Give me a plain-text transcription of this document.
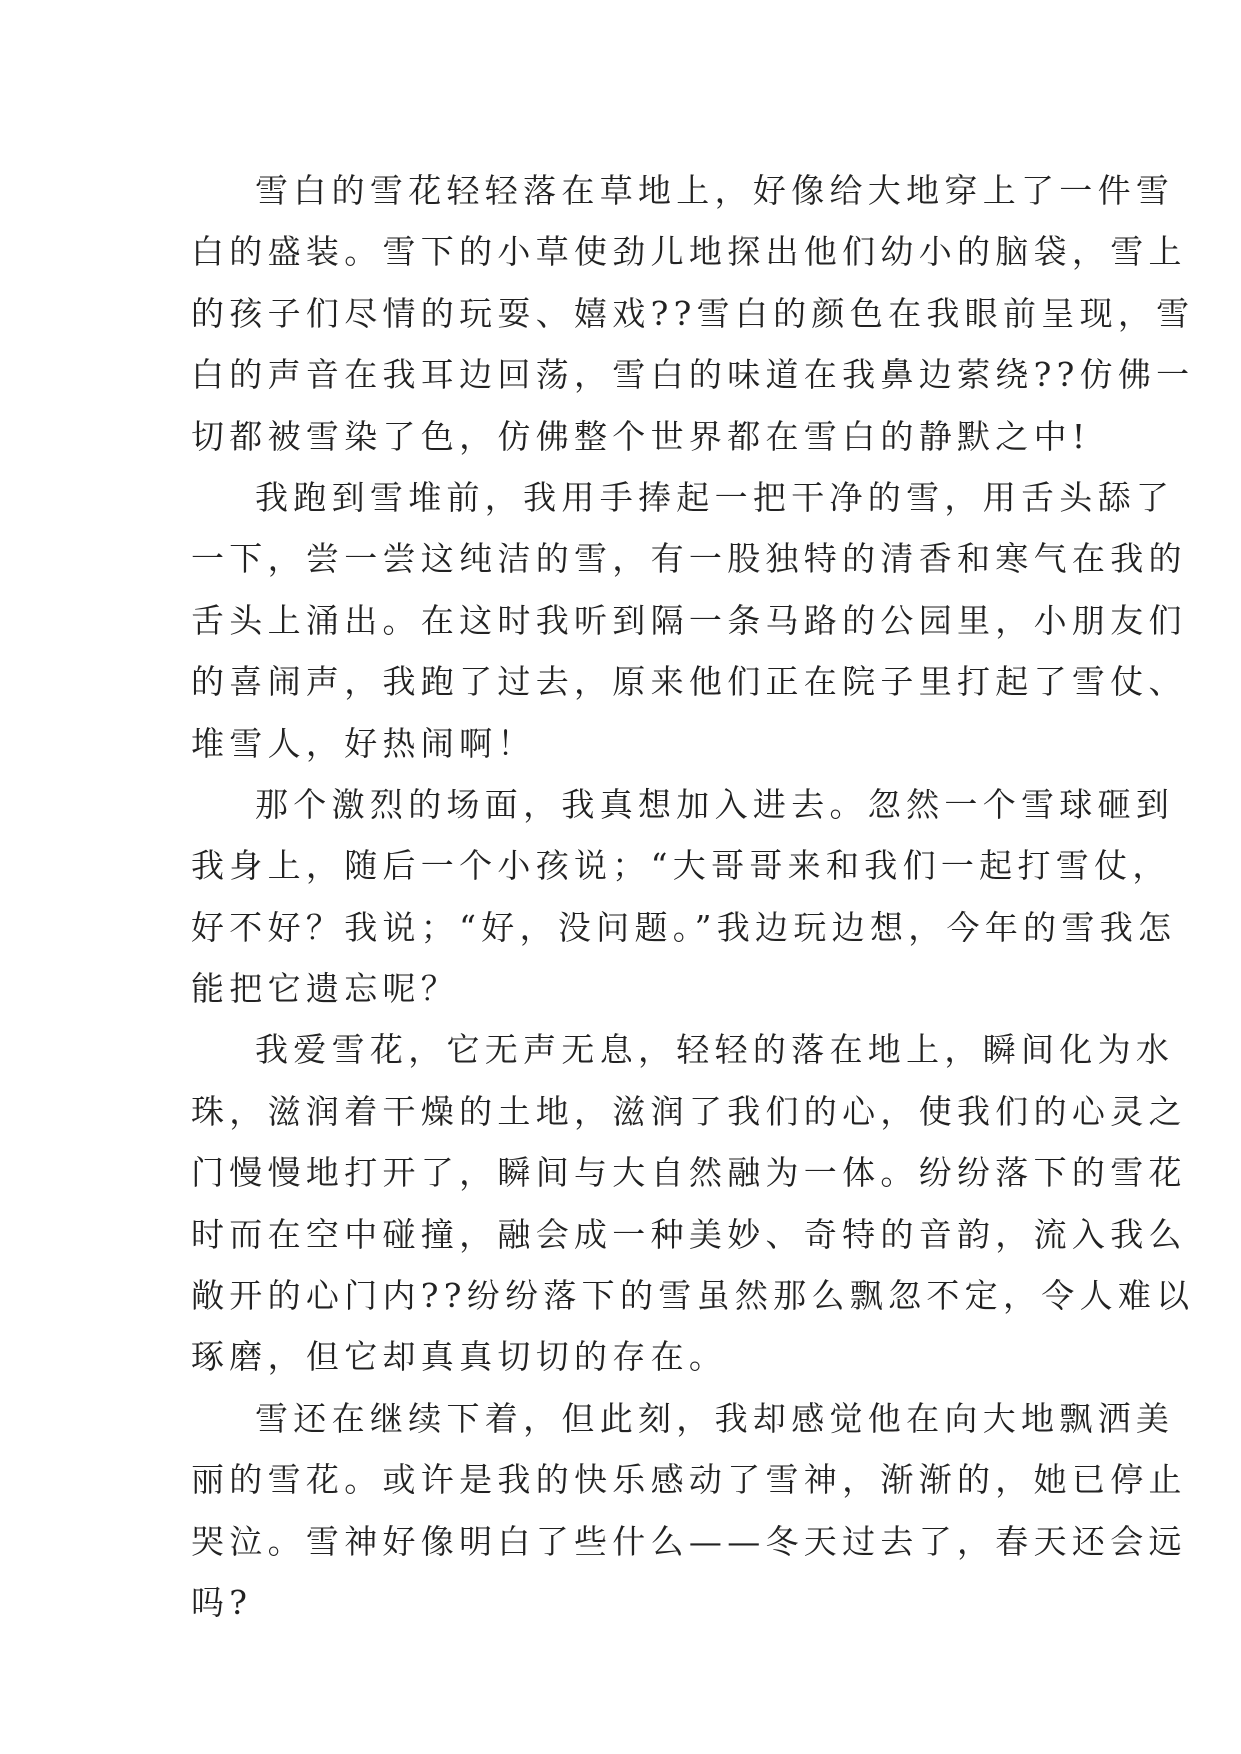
雪白的雪花轻轻落在草地上，好像给大地穿上了一件雪
白的盛装。雪下的小草使劲儿地探出他们幼小的脑袋，雪上
的孩子们尽情的玩耍、嬉戏??雪白的颜色在我眼前呈现，雪
白的声音在我耳边回荡，雪白的味道在我鼻边萦绕??仿佛一
切都被雪染了色，仿佛整个世界都在雪白的静默之中!
我跑到雪堆前，我用手捧起一把干净的雪，用舌头舔了
一下，尝一尝这纯洁的雪，有一股独特的清香和寒气在我的
舌头上涌出。在这时我听到隔一条马路的公园里，小朋友们
的喜闹声，我跑了过去，原来他们正在院子里打起了雪仗、
堆雪人，好热闹啊！
那个激烈的场面，我真想加入进去。忽然一个雪球砸到
我身上，随后一个小孩说；“大哥哥来和我们一起打雪仗，
好不好？我说；“好，没问题。”我边玩边想，今年的雪我怎
能把它遗忘呢？
我爱雪花，它无声无息，轻轻的落在地上，瞬间化为水
珠，滋润着干燥的土地，滋润了我们的心，使我们的心灵之
门慢慢地打开了，瞬间与大自然融为一体。纷纷落下的雪花
时而在空中碰撞，融会成一种美妙、奇特的音韵，流入我么
敞开的心门内??纷纷落下的雪虽然那么飘忽不定，令人难以
琢磨，但它却真真切切的存在。
雪还在继续下着，但此刻，我却感觉他在向大地飘洒美
丽的雪花。或许是我的快乐感动了雪神，渐渐的，她已停止
哭泣。雪神好像明白了些什么——冬天过去了，春天还会远
吗?
